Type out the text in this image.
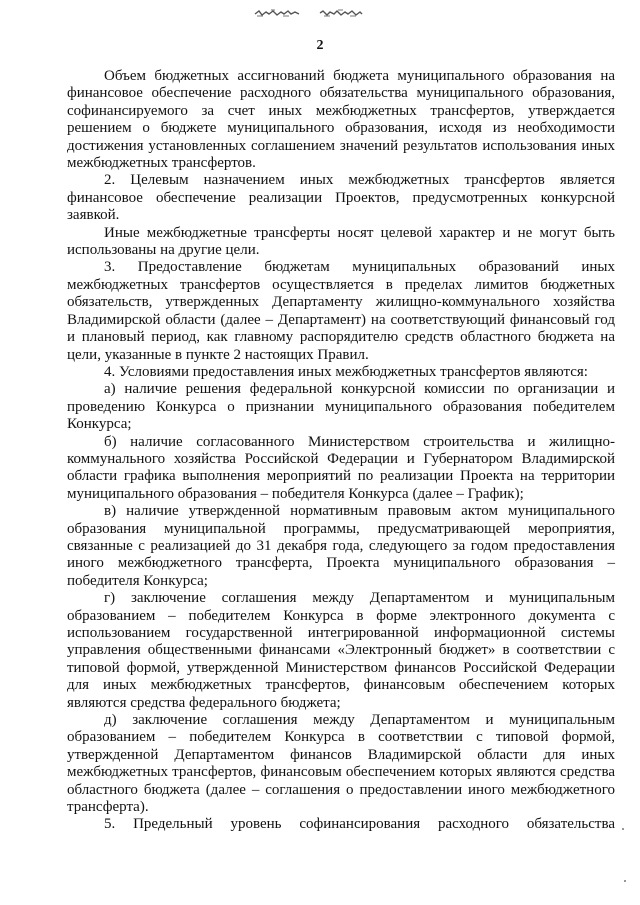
2

Объем бюджетных ассигнований бюджета муниципального образования на финансовое обеспечение расходного обязательства муниципального образования, софинансируемого за счет иных межбюджетных трансфертов, утверждается решением о бюджете муниципального образования, исходя из необходимости достижения установленных соглашением значений результатов использования иных межбюджетных трансфертов.

2. Целевым назначением иных межбюджетных трансфертов является финансовое обеспечение реализации Проектов, предусмотренных конкурсной заявкой.

Иные межбюджетные трансферты носят целевой характер и не могут быть использованы на другие цели.

3. Предоставление бюджетам муниципальных образований иных межбюджетных трансфертов осуществляется в пределах лимитов бюджетных обязательств, утвержденных Департаменту жилищно-коммунального хозяйства Владимирской области (далее – Департамент) на соответствующий финансовый год и плановый период, как главному распорядителю средств областного бюджета на цели, указанные в пункте 2 настоящих Правил.

4. Условиями предоставления иных межбюджетных трансфертов являются:

а) наличие решения федеральной конкурсной комиссии по организации и проведению Конкурса о признании муниципального образования победителем Конкурса;

б) наличие согласованного Министерством строительства и жилищно-коммунального хозяйства Российской Федерации и Губернатором Владимирской области графика выполнения мероприятий по реализации Проекта на территории муниципального образования – победителя Конкурса (далее – График);

в) наличие утвержденной нормативным правовым актом муниципального образования муниципальной программы, предусматривающей мероприятия, связанные с реализацией до 31 декабря года, следующего за годом предоставления иного межбюджетного трансферта, Проекта муниципального образования – победителя Конкурса;

г) заключение соглашения между Департаментом и муниципальным образованием – победителем Конкурса в форме электронного документа с использованием государственной интегрированной информационной системы управления общественными финансами «Электронный бюджет» в соответствии с типовой формой, утвержденной Министерством финансов Российской Федерации для иных межбюджетных трансфертов, финансовым обеспечением которых являются средства федерального бюджета;

д) заключение соглашения между Департаментом и муниципальным образованием – победителем Конкурса в соответствии с типовой формой, утвержденной Департаментом финансов Владимирской области для иных межбюджетных трансфертов, финансовым обеспечением которых являются средства областного бюджета (далее – соглашения о предоставлении иного межбюджетного трансферта).

5. Предельный уровень софинансирования расходного обязательства
